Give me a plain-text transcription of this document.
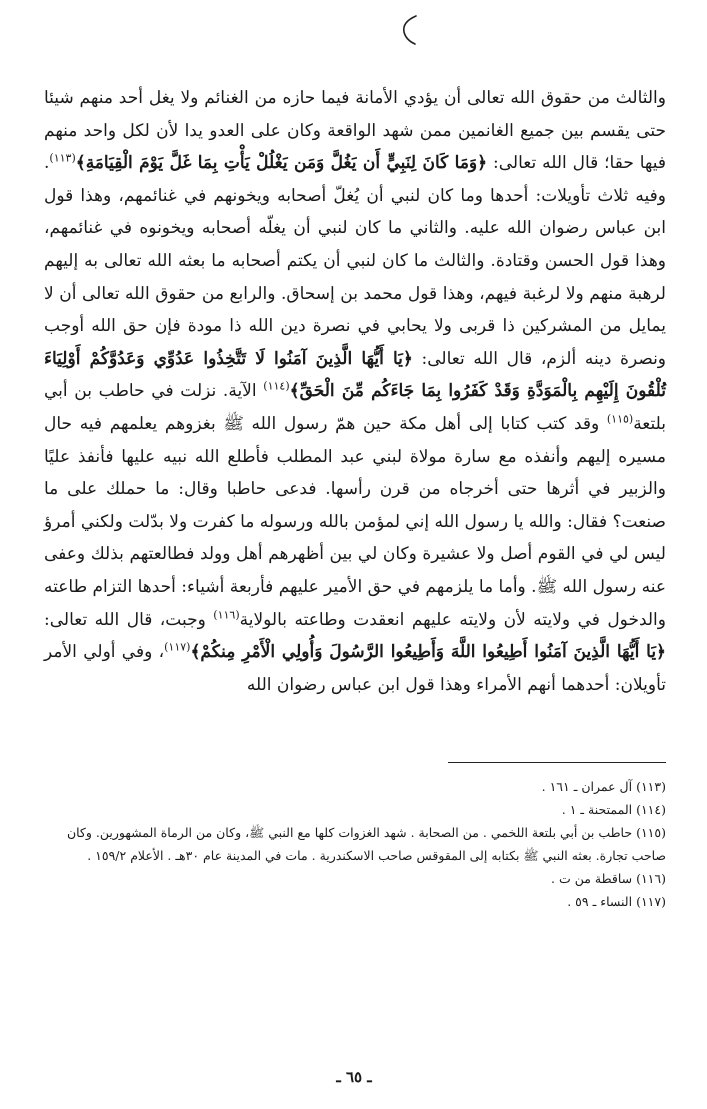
والثالث من حقوق الله تعالى أن يؤدي الأمانة فيما حازه من الغنائم ولا يغل أحد منهم شيئا حتى يقسم بين جميع الغانمين ممن شهد الواقعة وكان على العدو يدا لأن لكل واحد منهم فيها حقا؛ قال الله تعالى: ﴿وَمَا كَانَ لِنَبِيٍّ أَن يَغُلَّ وَمَن يَغْلُلْ يَأْتِ بِمَا غَلَّ يَوْمَ الْقِيَامَةِ﴾$^{(١١٣)}$. وفيه ثلاث تأويلات: أحدها وما كان لنبي أن يُغلّ أصحابه ويخونهم في غنائمهم، وهذا قول ابن عباس رضوان الله عليه. والثاني ما كان لنبي أن يغلّه أصحابه ويخونوه في غنائمهم، وهذا قول الحسن وقتادة. والثالث ما كان لنبي أن يكتم أصحابه ما بعثه الله تعالى به إليهم لرهبة منهم ولا لرغبة فيهم، وهذا قول محمد بن إسحاق. والرابع من حقوق الله تعالى أن لا يمايل من المشركين ذا قربى ولا يحابي في نصرة دين الله ذا مودة فإن حق الله أوجب ونصرة دينه ألزم، قال الله تعالى: ﴿يَا أَيُّهَا الَّذِينَ آمَنُوا لَا تَتَّخِذُوا عَدُوِّي وَعَدُوَّكُمْ أَوْلِيَاءَ تُلْقُونَ إِلَيْهِم بِالْمَوَدَّةِ وَقَدْ كَفَرُوا بِمَا جَاءَكُم مِّنَ الْحَقِّ﴾$^{(١١٤)}$ الآية. نزلت في حاطب بن أبي بلتعة$^{(١١٥)}$ وقد كتب كتابا إلى أهل مكة حين همّ رسول الله ﷺ بغزوهم يعلمهم فيه حال مسيره إليهم وأنفذه مع سارة مولاة لبني عبد المطلب فأطلع الله نبيه عليها فأنفذ عليًا والزبير في أثرها حتى أخرجاه من قرن رأسها. فدعى حاطبا وقال: ما حملك على ما صنعت؟ فقال: والله يا رسول الله إني لمؤمن بالله ورسوله ما كفرت ولا بدّلت ولكني أمرؤ ليس لي في القوم أصل ولا عشيرة وكان لي بين أظهرهم أهل وولد فطالعتهم بذلك وعفى عنه رسول الله ﷺ. وأما ما يلزمهم في حق الأمير عليهم فأربعة أشياء: أحدها التزام طاعته والدخول في ولايته لأن ولايته عليهم انعقدت وطاعته بالولاية$^{(١١٦)}$ وجبت، قال الله تعالى: ﴿يَا أَيُّهَا الَّذِينَ آمَنُوا أَطِيعُوا اللَّهَ وَأَطِيعُوا الرَّسُولَ وَأُولِي الْأَمْرِ مِنكُمْ﴾$^{(١١٧)}$، وفي أولي الأمر تأويلان: أحدهما أنهم الأمراء وهذا قول ابن عباس رضوان الله

(١١٣) آل عمران ـ ١٦١ .
(١١٤) الممتحنة ـ ١ .
(١١٥) حاطب بن أبي بلتعة اللخمي . من الصحابة . شهد الغزوات كلها مع النبي ﷺ، وكان من الرماة المشهورين. وكان صاحب تجارة. بعثه النبي ﷺ بكتابه إلى المقوقس صاحب الاسكندرية . مات في المدينة عام ٣٠هـ . الأعلام ١٥٩/٢ .
(١١٦) ساقطة من ت .
(١١٧) النساء ـ ٥٩ .
ـ ٦٥ ـ
